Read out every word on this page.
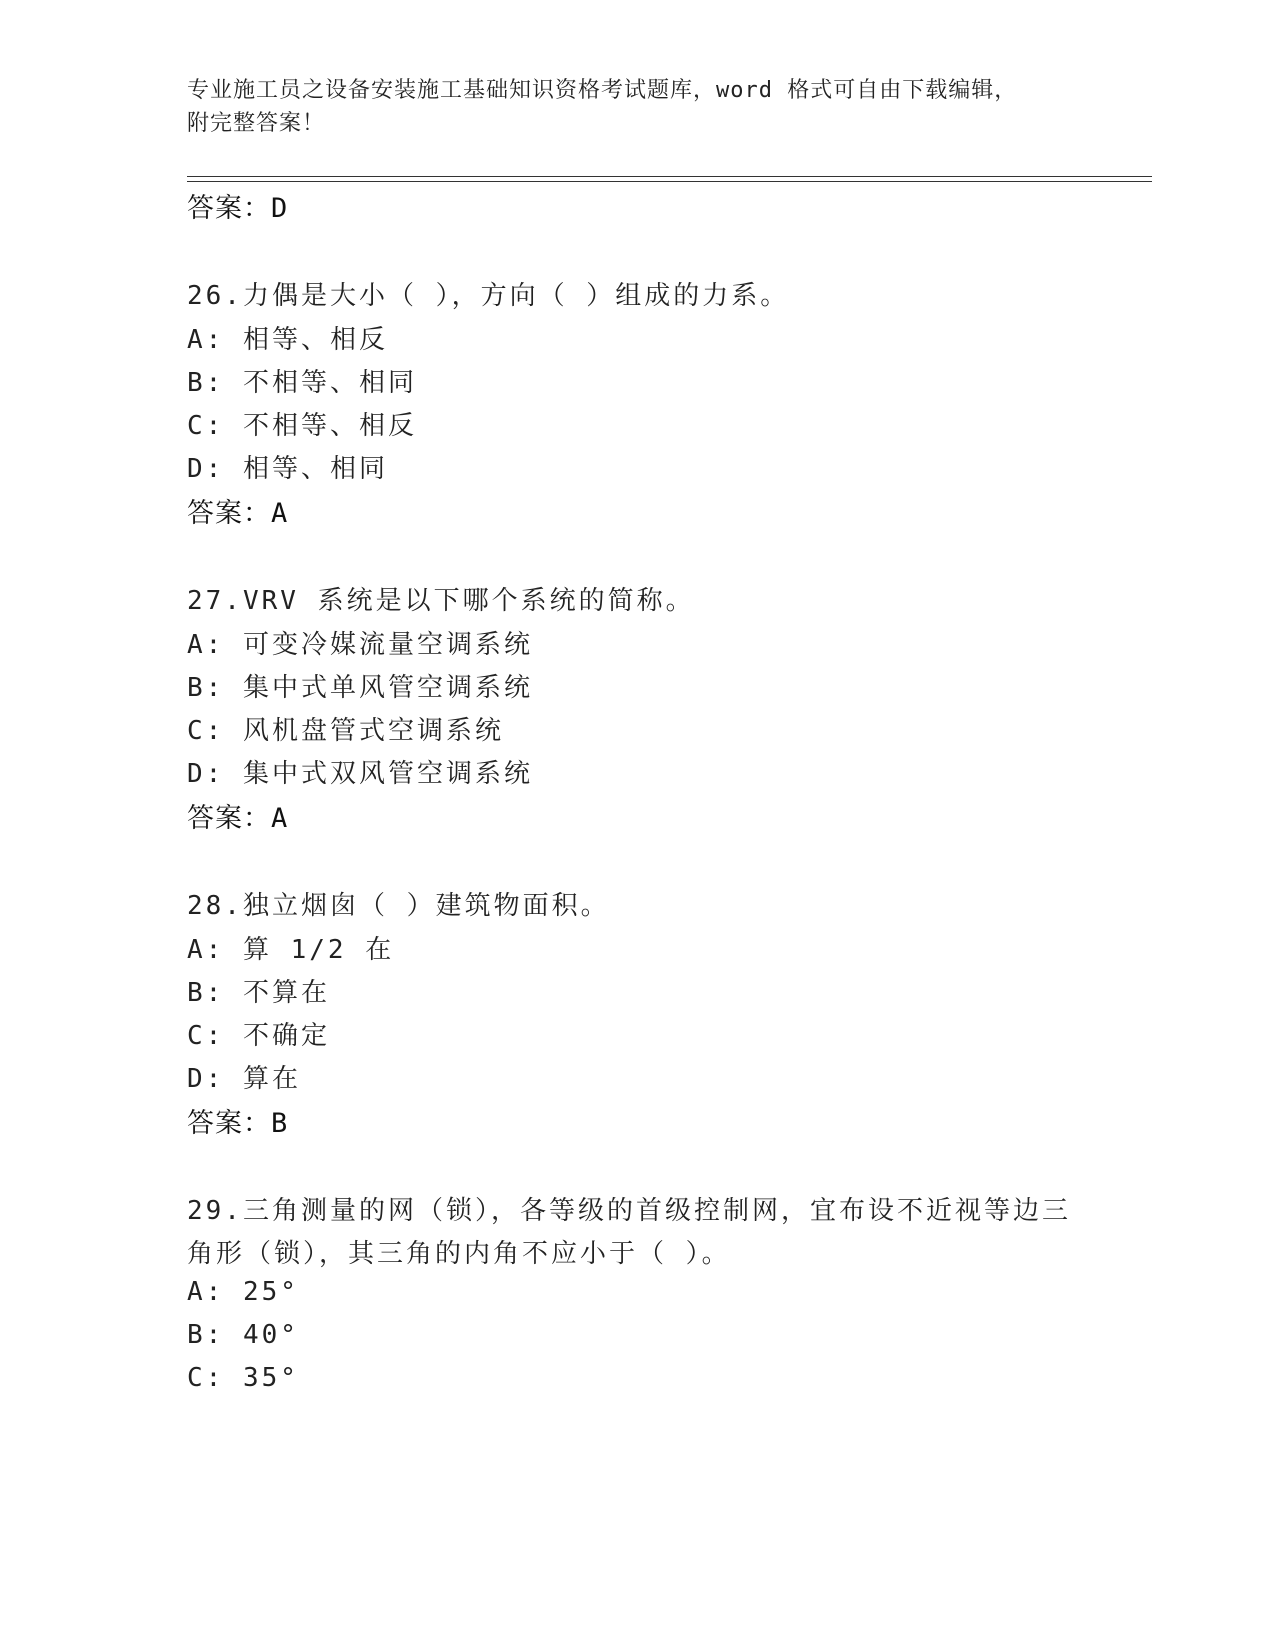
专业施工员之设备安装施工基础知识资格考试题库，word 格式可自由下载编辑，
附完整答案！
答案：D
26.力偶是大小（ ），方向（ ）组成的力系。
A: 相等、相反
B: 不相等、相同
C: 不相等、相反
D: 相等、相同
答案：A
27.VRV 系统是以下哪个系统的简称。
A: 可变冷媒流量空调系统
B: 集中式单风管空调系统
C: 风机盘管式空调系统
D: 集中式双风管空调系统
答案：A
28.独立烟囱（ ）建筑物面积。
A: 算 1/2 在
B: 不算在
C: 不确定
D: 算在
答案：B
29.三角测量的网（锁），各等级的首级控制网，宜布设不近视等边三
角形（锁），其三角的内角不应小于（ ）。
A: 25°
B: 40°
C: 35°
